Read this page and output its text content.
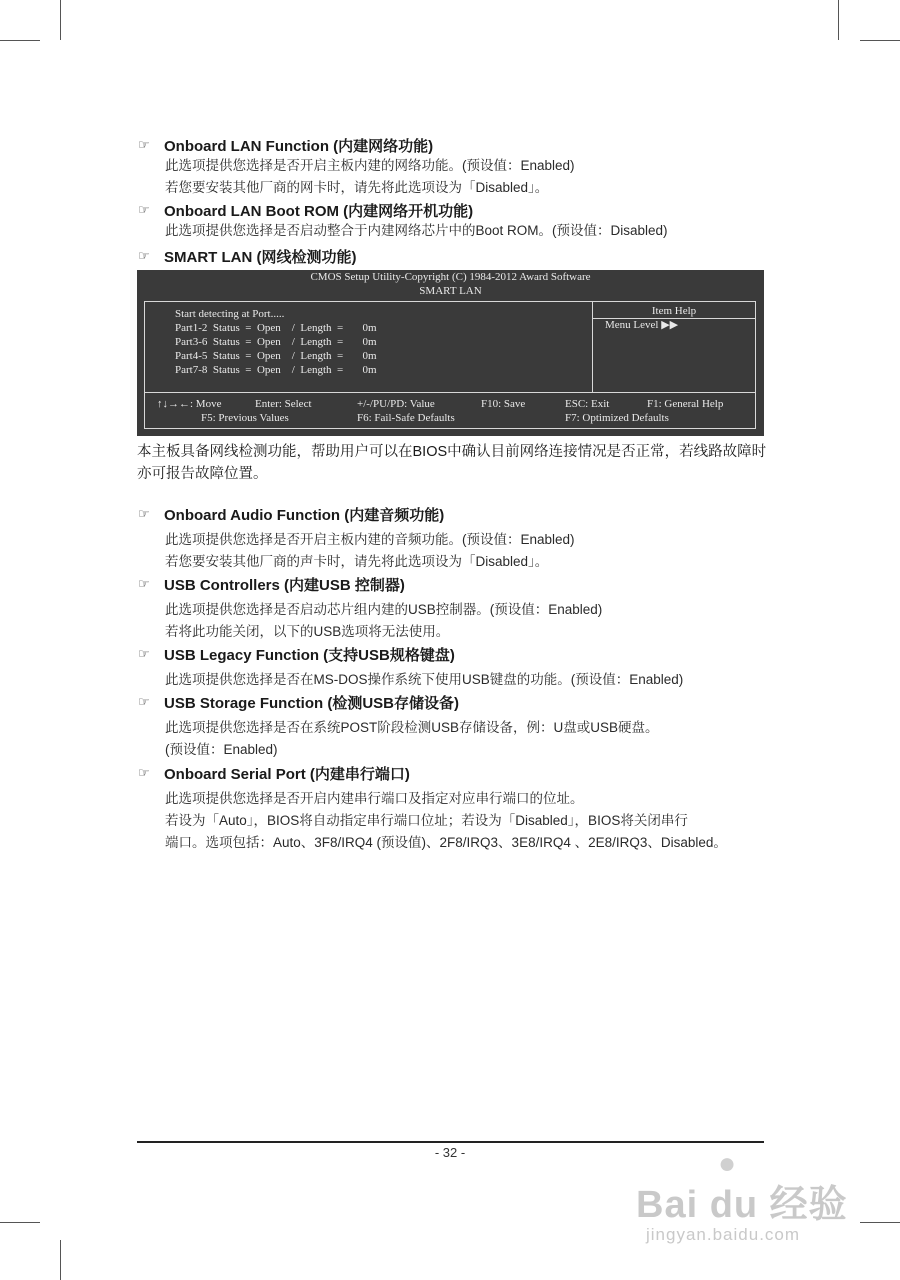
☞ Onboard LAN Function (内建网络功能)
此选项提供您选择是否开启主板内建的网络功能。(预设值：Enabled)
若您要安装其他厂商的网卡时，请先将此选项设为「Disabled」。
☞ Onboard LAN Boot ROM (内建网络开机功能)
此选项提供您选择是否启动整合于内建网络芯片中的Boot ROM。(预设值：Disabled)
☞ SMART LAN (网线检测功能)
CMOS Setup Utility-Copyright (C) 1984-2012 Award Software
SMART LAN
Start detecting at Port.....
Part1-2  Status  =  Open    /  Length  =       0m
Part3-6  Status  =  Open    /  Length  =       0m
Part4-5  Status  =  Open    /  Length  =       0m
Part7-8  Status  =  Open    /  Length  =       0m
Item Help
Menu Level ▶▶
↑↓→←: Move	Enter: Select	+/-/PU/PD: Value	F10: Save	ESC: Exit	F1: General Help
F5: Previous Values	F6: Fail-Safe Defaults	F7: Optimized Defaults
本主板具备网线检测功能，帮助用户可以在BIOS中确认目前网络连接情况是否正常，若线路故障时亦可报告故障位置。
☞ Onboard Audio Function (内建音频功能)
此选项提供您选择是否开启主板内建的音频功能。(预设值：Enabled)
若您要安装其他厂商的声卡时，请先将此选项设为「Disabled」。
☞ USB Controllers (内建USB 控制器)
此选项提供您选择是否启动芯片组内建的USB控制器。(预设值：Enabled)
若将此功能关闭，以下的USB选项将无法使用。
☞ USB Legacy Function (支持USB规格键盘)
此选项提供您选择是否在MS-DOS操作系统下使用USB键盘的功能。(预设值：Enabled)
☞ USB Storage Function (检测USB存储设备)
此选项提供您选择是否在系统POST阶段检测USB存储设备，例：U盘或USB硬盘。
(预设值：Enabled)
☞ Onboard Serial Port (内建串行端口)
此选项提供您选择是否开启内建串行端口及指定对应串行端口的位址。
若设为「Auto」，BIOS将自动指定串行端口位址；若设为「Disabled」，BIOS将关闭串行
端口。选项包括：Auto、3F8/IRQ4 (预设值)、2F8/IRQ3、3E8/IRQ4 、2E8/IRQ3、Disabled。
- 32 -	●
Bai du 经验
jingyan.baidu.com
